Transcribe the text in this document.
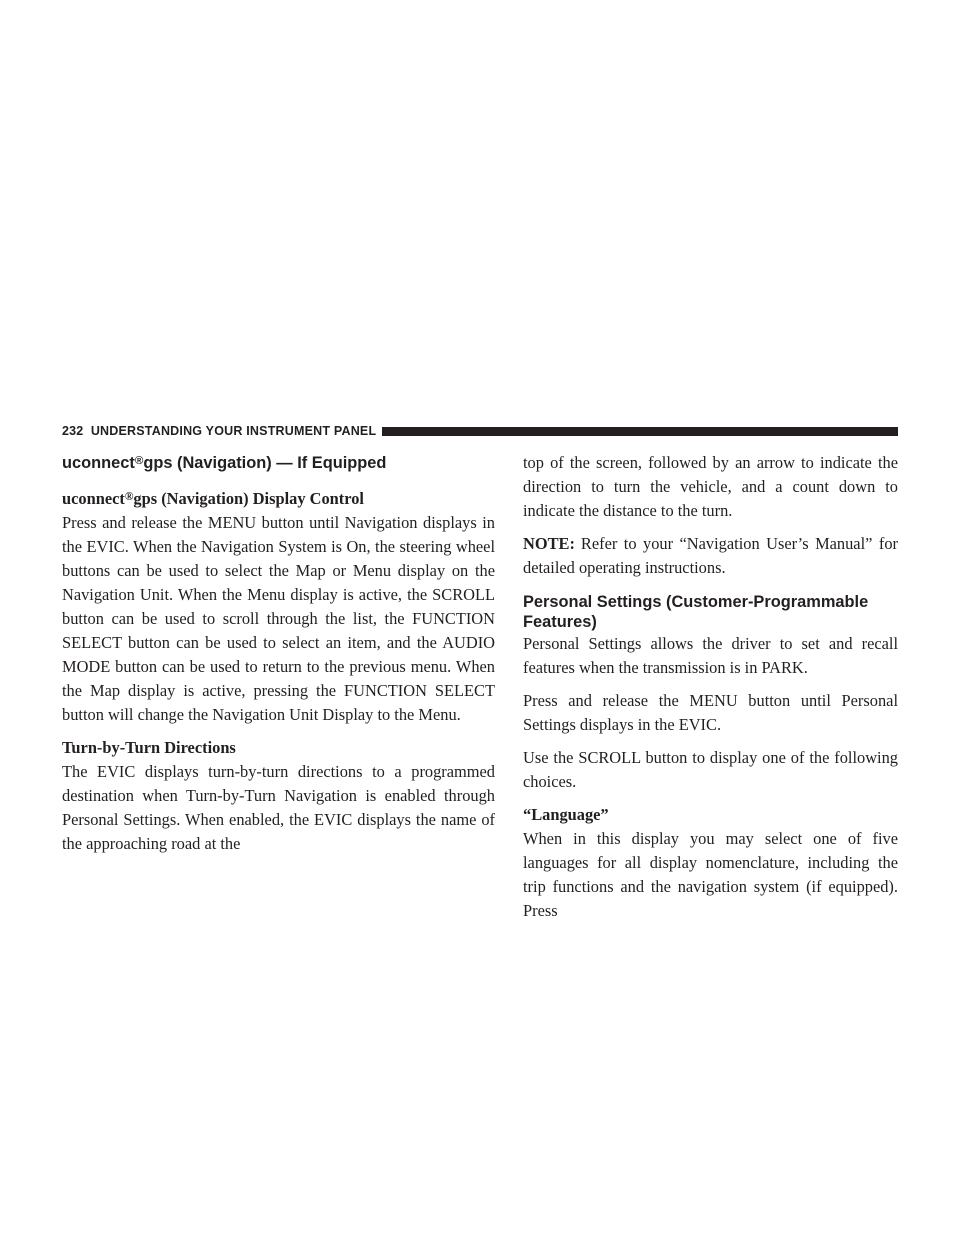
232 UNDERSTANDING YOUR INSTRUMENT PANEL
uconnect®gps (Navigation) — If Equipped
uconnect®gps (Navigation) Display Control

Press and release the MENU button until Navigation displays in the EVIC. When the Navigation System is On, the steering wheel buttons can be used to select the Map or Menu display on the Navigation Unit. When the Menu display is active, the SCROLL button can be used to scroll through the list, the FUNCTION SELECT button can be used to select an item, and the AUDIO MODE button can be used to return to the previous menu. When the Map display is active, pressing the FUNCTION SELECT button will change the Navigation Unit Display to the Menu.

Turn-by-Turn Directions

The EVIC displays turn-by-turn directions to a programmed destination when Turn-by-Turn Navigation is enabled through Personal Settings. When enabled, the EVIC displays the name of the approaching road at the

top of the screen, followed by an arrow to indicate the direction to turn the vehicle, and a count down to indicate the distance to the turn.

NOTE: Refer to your “Navigation User’s Manual” for detailed operating instructions.

Personal Settings (Customer-Programmable Features)

Personal Settings allows the driver to set and recall features when the transmission is in PARK.

Press and release the MENU button until Personal Settings displays in the EVIC.

Use the SCROLL button to display one of the following choices.

“Language”

When in this display you may select one of five languages for all display nomenclature, including the trip functions and the navigation system (if equipped). Press
